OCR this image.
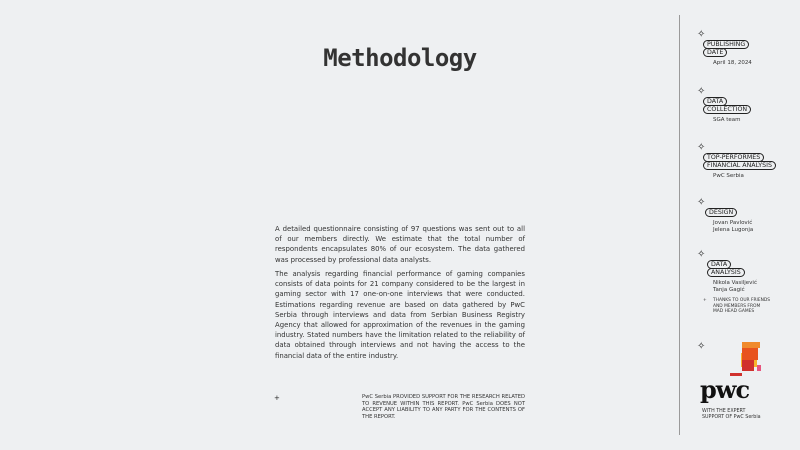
Methodology

A detailed questionnaire consisting of 97 questions was sent out to all of our members directly. We estimate that the total number of respondents encapsulates 80% of our ecosystem. The data gathered was processed by professional data analysts.

The analysis regarding financial performance of gaming companies consists of data points for 21 company considered to be the largest in gaming sector with 17 one-on-one interviews that were conducted. Estimations regarding revenue are based on data gathered by PwC Serbia through interviews and data from Serbian Business Registry Agency that allowed for approximation of the revenues in the gaming industry. Stated numbers have the limitation related to the reliability of data obtained through interviews and not having the access to the financial data of the entire industry.

+	PwC Serbia PROVIDED SUPPORT FOR THE RESEARCH RELATED TO REVENUE WITHIN THIS REPORT. PwC Serbia DOES NOT ACCEPT ANY LIABILITY TO ANY PARTY FOR THE CONTENTS OF THE REPORT.
✧
PUBLISHING
DATE
April 18, 2024
✧
DATA
COLLECTION
SGA team
✧
TOP-PERFORMES
FINANCIAL ANALYSIS
PwC Serbia
✧
DESIGN
Jovan Pavlović
Jelena Lugonja
✧
DATA
ANALYSIS
Nikola Vasiljević
Tanja Gagić
+ THANKS TO OUR FRIENDS
AND MEMBERS FROM
MAD HEAD GAMES
✧
pwc
WITH THE EXPERT
SUPPORT OF PwC Serbia
